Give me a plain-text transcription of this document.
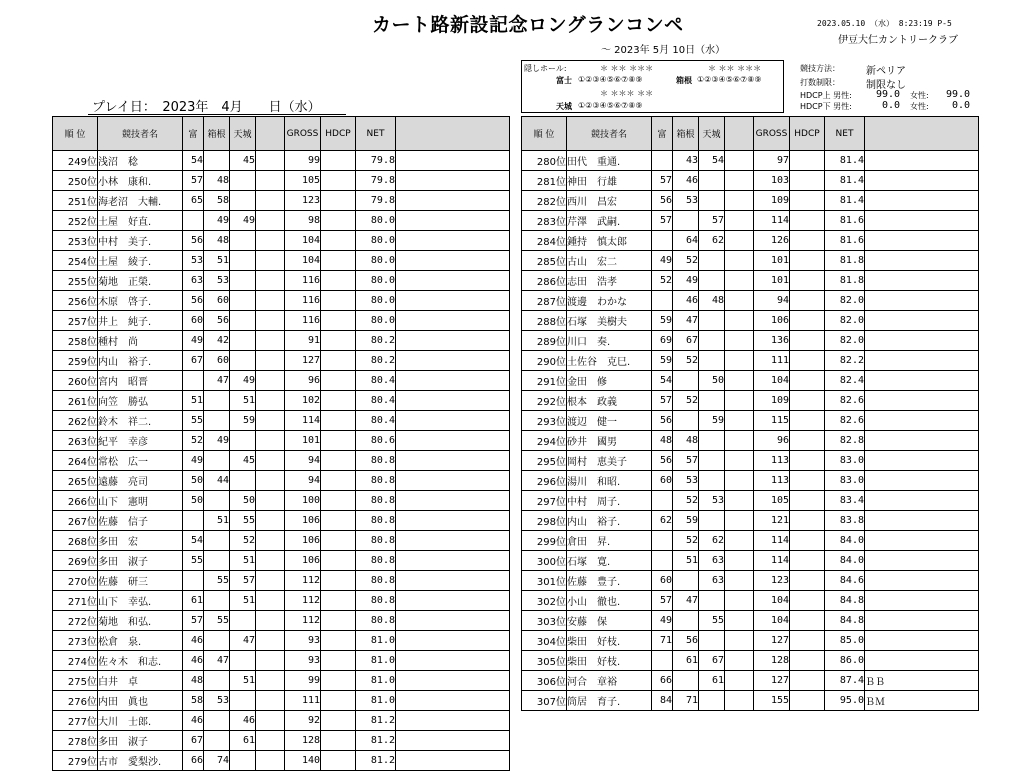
カート路新設記念ロングランコンペ	2023.05.10 （水） 8:23:19 P-5
伊豆大仁カントリークラブ
～ 2023年 5月 10日（水）
隠しホール:	＊ ＊＊ ＊＊＊	＊ ＊＊ ＊＊＊
富士 ①②③④⑤⑥⑦⑧⑨	箱根 ①②③④⑤⑥⑦⑧⑨
＊ ＊＊＊ ＊＊
天城 ①②③④⑤⑥⑦⑧⑨
競技方法：	新ペリア
打数制限：	制限なし
HDCP上 男性: 99.0 女性: 99.0
HDCP下 男性:	0.0 女性: 0.0
プレイ日：　2023年　4月　　日（水）
順 位	競技者名	富	箱根	天城		GROSS	HDCP	NET	
249位	浅沼　稔	54		45		99		79.8	
250位	小林　康和.	57	48			105		79.8	
251位	海老沼　大輔.	65	58			123		79.8	
252位	土屋　好直.		49	49		98		80.0	
253位	中村　美子.	56	48			104		80.0	
254位	土屋　綾子.	53	51			104		80.0	
255位	菊地　正榮.	63	53			116		80.0	
256位	木原　啓子.	56	60			116		80.0	
257位	井上　純子.	60	56			116		80.0	
258位	種村　尚	49	42			91		80.2	
259位	内山　裕子.	67	60			127		80.2	
260位	宮内　昭晋		47	49		96		80.4	
261位	向笠　勝弘	51		51		102		80.4	
262位	鈴木　祥二.	55		59		114		80.4	
263位	紀平　幸彦	52	49			101		80.6	
264位	常松　広一	49		45		94		80.8	
265位	遠藤　亮司	50	44			94		80.8	
266位	山下　憲明	50		50		100		80.8	
267位	佐藤　信子		51	55		106		80.8	
268位	多田　宏	54		52		106		80.8	
269位	多田　淑子	55		51		106		80.8	
270位	佐藤　研三		55	57		112		80.8	
271位	山下　幸弘.	61		51		112		80.8	
272位	菊地　和弘.	57	55			112		80.8	
273位	松倉　泉.	46		47		93		81.0	
274位	佐々木　和志.	46	47			93		81.0	
275位	白井　卓	48		51		99		81.0	
276位	内田　眞也	58	53			111		81.0	
277位	大川　士郎.	46		46		92		81.2	
278位	多田　淑子	67		61		128		81.2	
279位	古市　愛梨沙.	66	74			140		81.2	
順 位	競技者名	富	箱根	天城		GROSS	HDCP	NET	
280位	田代　重通.		43	54		97		81.4	
281位	神田　行雄	57	46			103		81.4	
282位	西川　昌宏	56	53			109		81.4	
283位	芹澤　武嗣.	57		57		114		81.6	
284位	鍾持　慎太郎		64	62		126		81.6	
285位	古山　宏二	49	52			101		81.8	
286位	志田　浩孝	52	49			101		81.8	
287位	渡邊　わかな		46	48		94		82.0	
288位	石塚　美樹夫	59	47			106		82.0	
289位	川口　奏.	69	67			136		82.0	
290位	土佐谷　克巳.	59	52			111		82.2	
291位	金田　修	54		50		104		82.4	
292位	根本　政義	57	52			109		82.6	
293位	渡辺　健一	56		59		115		82.6	
294位	砂井　國男	48	48			96		82.8	
295位	岡村　恵美子	56	57			113		83.0	
296位	湯川　和昭.	60	53			113		83.0	
297位	中村　周子.		52	53		105		83.4	
298位	内山　裕子.	62	59			121		83.8	
299位	倉田　昇.		52	62		114		84.0	
300位	石塚　寛.		51	63		114		84.0	
301位	佐藤　豊子.	60		63		123		84.6	
302位	小山　徹也.	57	47			104		84.8	
303位	安藤　保	49		55		104		84.8	
304位	柴田　好枝.	71	56			127		85.0	
305位	柴田　好枝.		61	67		128		86.0	
306位	河合　章裕	66		61		127		87.4	ＢＢ
307位	筒居　育子.	84	71			155		95.0	ＢＭ
